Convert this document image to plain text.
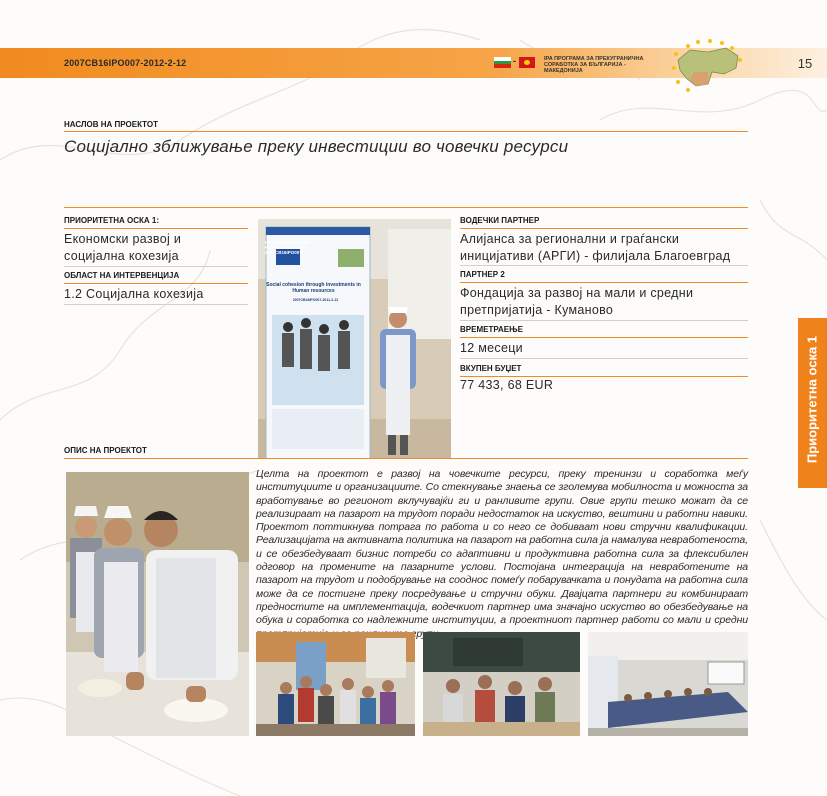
2007CB16IPO007-2012-2-12	-	IPA ПРОГРАМА ЗА ПРЕКУГРАНИЧНА СОРАБОТКА ЗА БЪЛГАРИЈА - МАКЕДОНИЈА	15
НАСЛОВ НА ПРОЕКТОТ
Социјално зближување преку инвестиции во човечки ресурси
ПРИОРИТЕТНА ОСКА 1:
Економски развој и социјална кохезија
ОБЛАСТ НА ИНТЕРВЕНЦИЈА
1.2 Социјална кохезија
IPA CROSS BORDER PROGRAMME CCI 2007CB16IPO007
Social cohesion through investments in Human resources
2007CB16IPO007-2011-2-12
ВОДЕЧКИ ПАРТНЕР
Алијанса за регионални и граѓански иницијативи (АРГИ) - филијала Благоевград
ПАРТНЕР 2
Фондација за развој на мали и средни претпријатија - Куманово
ВРЕМЕТРАЕЊЕ
12 месеци
ВКУПЕН БУЏЕТ
77 433, 68 EUR
ОПИС НА ПРОЕКТОТ
Целта на проектот е развој на човечките ресурси, преку тренинзи и соработка меѓу институциите и организациите. Со стекнување знаења се зголемува мобилноста и можноста за вработување во регионот вклучувајќи ги и ранливите групи. Овие групи тешко можат да се реализираат на пазарот на трудот поради недостаток на искуство, вештини и работни навики. Проектот поттикнува потрага по работа и со него се добиваат нови стручни квалификации. Реализацијата на активната политика на пазарот на работна сила ја намалува невработеноста, и се обезбедуваат бизнис потреби со адаптивни и продуктивна работна сила за флексибилен одговор на промените на пазарните услови. Постојана интеграција на невработените на пазарот на трудот и подобрување на сооднос помеѓу побарувачката и понудата на работна сила може да се постигне преку посредување и стручни обуки. Двајцата партнери ги комбинираат предностите на имплементација, водечкиот партнер има значајно искуство во обезбедување на обука и соработка со надлежните институции, а проектниот партнер работи со мали и средни
Приоритетна оска 1
